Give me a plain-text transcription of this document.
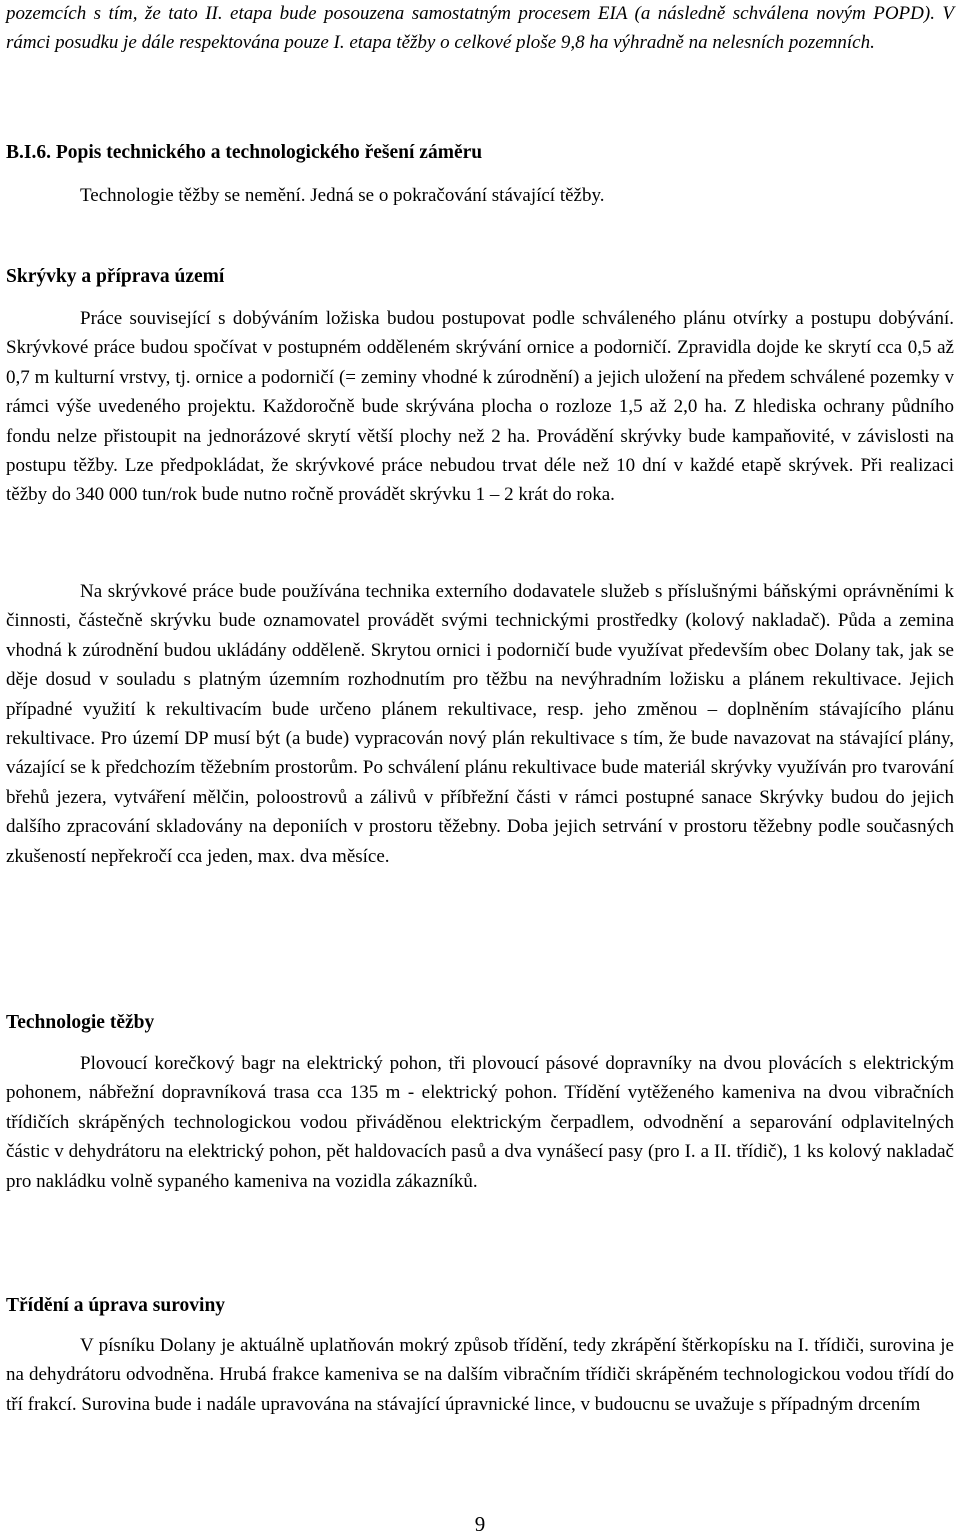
pozemcích s tím, že tato II. etapa bude posouzena samostatným procesem EIA (a následně schválena novým POPD). V rámci posudku je dále respektována pouze I. etapa těžby o celkové ploše 9,8 ha výhradně na nelesních pozemních.

B.I.6. Popis technického a technologického řešení záměru

Technologie těžby se nemění. Jedná se o pokračování stávající těžby.

Skrývky a příprava území

Práce související s dobýváním ložiska budou postupovat podle schváleného plánu otvírky a postupu dobývání. Skrývkové práce budou spočívat v postupném odděleném skrývání ornice a podorničí. Zpravidla dojde ke skrytí cca 0,5 až 0,7 m kulturní vrstvy, tj. ornice a podorničí (= zeminy vhodné k zúrodnění) a jejich uložení na předem schválené pozemky v rámci výše uvedeného projektu. Každoročně bude skrývána plocha o rozloze 1,5 až 2,0 ha. Z hlediska ochrany půdního fondu nelze přistoupit na jednorázové skrytí větší plochy než 2 ha. Provádění skrývky bude kampaňovité, v závislosti na postupu těžby. Lze předpokládat, že skrývkové práce nebudou trvat déle než 10 dní v každé etapě skrývek. Při realizaci těžby do 340 000 tun/rok bude nutno ročně provádět skrývku 1 – 2 krát do roka.

Na skrývkové práce bude používána technika externího dodavatele služeb s příslušnými báňskými oprávněními k činnosti, částečně skrývku bude oznamovatel provádět svými technickými prostředky (kolový nakladač). Půda a zemina vhodná k zúrodnění budou ukládány odděleně. Skrytou ornici i podorničí bude využívat především obec Dolany tak, jak se děje dosud v souladu s platným územním rozhodnutím pro těžbu na nevýhradním ložisku a plánem rekultivace. Jejich případné využití k rekultivacím bude určeno plánem rekultivace, resp. jeho změnou – doplněním stávajícího plánu rekultivace. Pro území DP musí být (a bude) vypracován nový plán rekultivace s tím, že bude navazovat na stávající plány, vázající se k předchozím těžebním prostorům. Po schválení plánu rekultivace bude materiál skrývky využíván pro tvarování břehů jezera, vytváření mělčin, poloostrovů a zálivů v příbřežní části v rámci postupné sanace Skrývky budou do jejich dalšího zpracování skladovány na deponiích v prostoru těžebny. Doba jejich setrvání v prostoru těžebny podle současných zkušeností nepřekročí cca jeden, max. dva měsíce.

Technologie těžby

Plovoucí korečkový bagr na elektrický pohon, tři plovoucí pásové dopravníky na dvou plovácích s elektrickým pohonem, nábřežní dopravníková trasa cca 135 m - elektrický pohon. Třídění vytěženého kameniva na dvou vibračních třídičích skrápěných technologickou vodou přiváděnou elektrickým čerpadlem, odvodnění a separování odplavitelných částic v dehydrátoru na elektrický pohon, pět haldovacích pasů a dva vynášecí pasy (pro I. a II. třídič), 1 ks kolový nakladač pro nakládku volně sypaného kameniva na vozidla zákazníků.

Třídění a úprava suroviny

V písníku Dolany je aktuálně uplatňován mokrý způsob třídění, tedy zkrápění štěrkopísku na I. třídiči, surovina je na dehydrátoru odvodněna. Hrubá frakce kameniva se na dalším vibračním třídiči skrápěném technologickou vodou třídí do tří frakcí. Surovina bude i nadále upravována na stávající úpravnické lince, v budoucnu se uvažuje s případným drcením

9
